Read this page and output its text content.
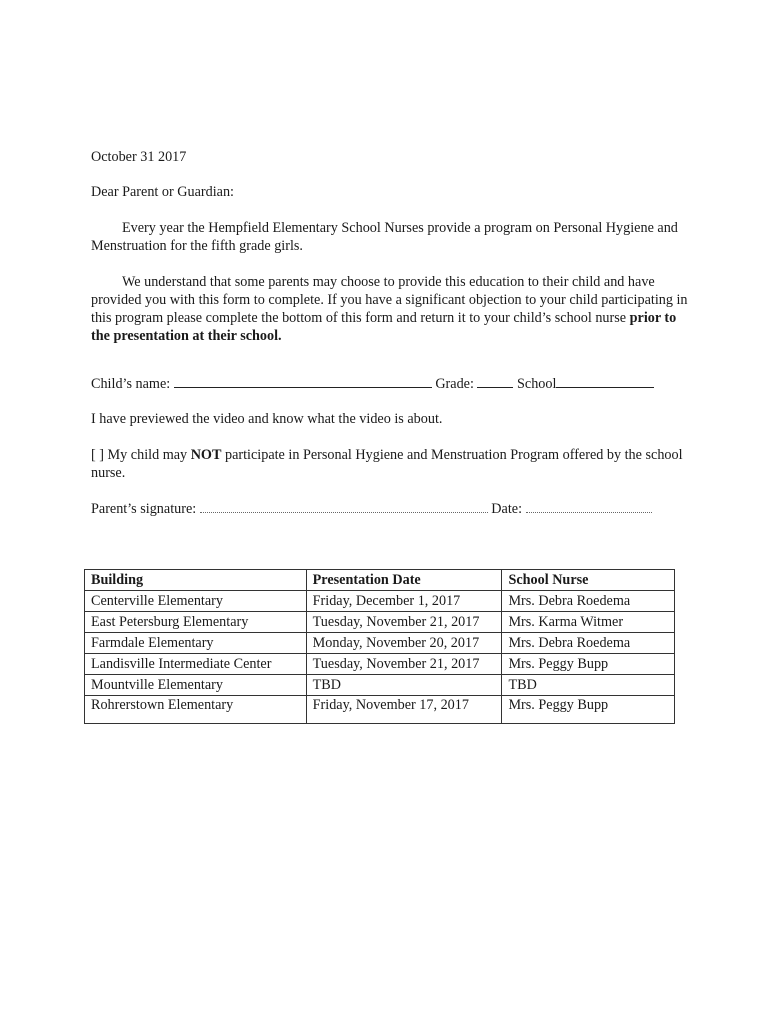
October 31 2017
Dear Parent or Guardian:
Every year the Hempfield Elementary School Nurses provide a program on Personal Hygiene and Menstruation for the fifth grade girls.
We understand that some parents may choose to provide this education to their child and have provided you with this form to complete. If you have a significant objection to your child participating in this program please complete the bottom of this form and return it to your child’s school nurse prior to the presentation at their school.
Child’s name:	Grade:	School
I have previewed the video and know what the video is about.
[ ] My child may NOT participate in Personal Hygiene and Menstruation Program offered by the school nurse.
Parent’s signature:	Date:
Building	Presentation Date	School Nurse
Centerville Elementary	Friday, December 1, 2017	Mrs. Debra Roedema
East Petersburg Elementary	Tuesday, November 21, 2017	Mrs. Karma Witmer
Farmdale Elementary	Monday, November 20, 2017	Mrs. Debra Roedema
Landisville Intermediate Center	Tuesday, November 21, 2017	Mrs. Peggy Bupp
Mountville Elementary	TBD	TBD
Rohrerstown Elementary	Friday, November 17, 2017	Mrs. Peggy Bupp
